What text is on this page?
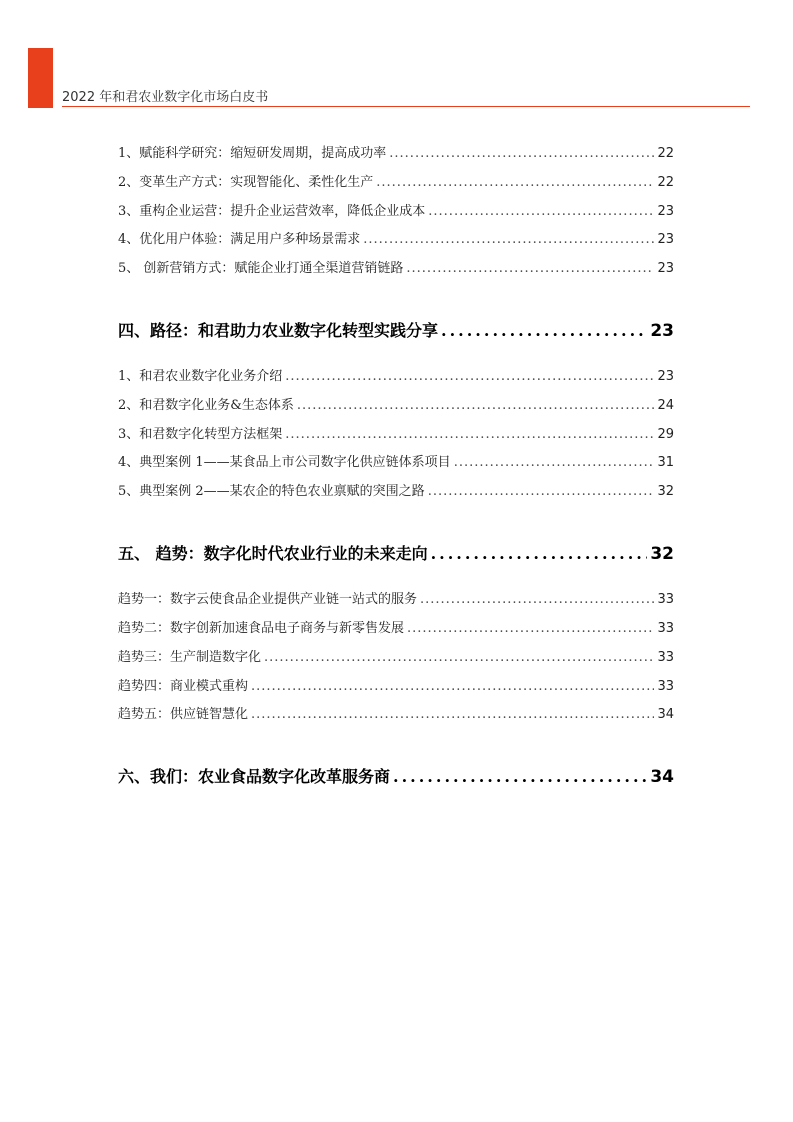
2022 年和君农业数字化市场白皮书
1、赋能科学研究：缩短研发周期，提高成功率 .....	22
2、变革生产方式：实现智能化、柔性化生产 .....	22
3、重构企业运营：提升企业运营效率，降低企业成本 .....	23
4、优化用户体验：满足用户多种场景需求 .....	23
5、 创新营销方式：赋能企业打通全渠道营销链路 .....	23
四、路径：和君助力农业数字化转型实践分享 .....	23
1、和君农业数字化业务介绍 .....	23
2、和君数字化业务&生态体系 .....	24
3、和君数字化转型方法框架 .....	29
4、典型案例 1——某食品上市公司数字化供应链体系项目 .....	31
5、典型案例 2——某农企的特色农业禀赋的突围之路 .....	32
五、 趋势：数字化时代农业行业的未来走向 .....	32
趋势一：数字云使食品企业提供产业链一站式的服务 .....	33
趋势二：数字创新加速食品电子商务与新零售发展 .....	33
趋势三：生产制造数字化 .....	33
趋势四：商业模式重构 .....	33
趋势五：供应链智慧化 .....	34
六、我们：农业食品数字化改革服务商 .....	34
